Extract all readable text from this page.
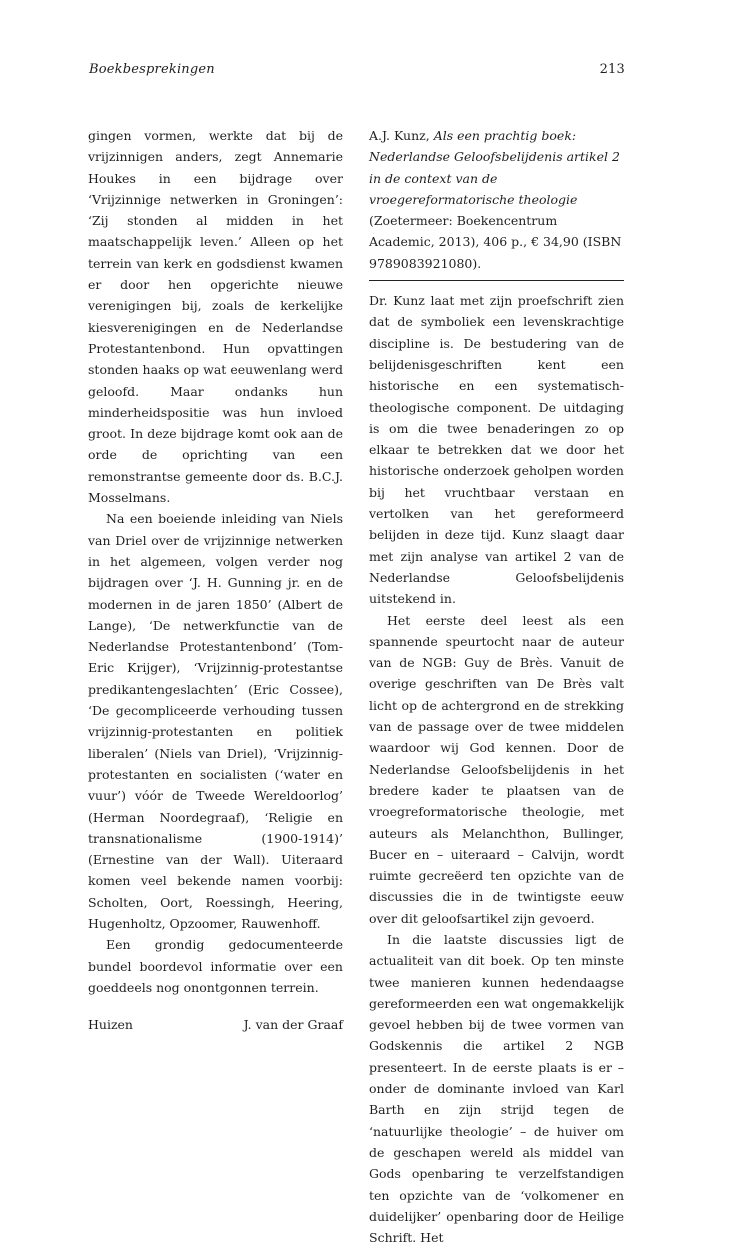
Boekbesprekingen	213

gingen vormen, werkte dat bij de vrijzinnigen anders, zegt Annemarie Houkes in een bijdrage over ‘Vrijzinnige netwerken in Groningen’: ‘Zij stonden al midden in het maatschappelijk leven.’ Alleen op het terrein van kerk en godsdienst kwamen er door hen opgerichte nieuwe verenigingen bij, zoals de kerkelijke kiesverenigingen en de Nederlandse Protestantenbond. Hun opvattingen stonden haaks op wat eeuwenlang werd geloofd. Maar ondanks hun minderheidspositie was hun invloed groot. In deze bijdrage komt ook aan de orde de oprichting van een remonstrantse gemeente door ds. B.C.J. Mosselmans.

Na een boeiende inleiding van Niels van Driel over de vrijzinnige netwerken in het algemeen, volgen verder nog bijdragen over ‘J. H. Gunning jr. en de modernen in de jaren 1850’ (Albert de Lange), ‘De netwerkfunctie van de Nederlandse Protestantenbond’ (Tom-Eric Krijger), ‘Vrijzinnig-protestantse predikantengeslachten’ (Eric Cossee), ‘De gecompliceerde verhouding tussen vrijzinnig-protestanten en politiek liberalen’ (Niels van Driel), ‘Vrijzinnig-protestanten en socialisten (‘water en vuur’) vóór de Tweede Wereldoorlog’ (Herman Noordegraaf), ‘Religie en transnationalisme (1900-1914)’ (Ernestine van der Wall). Uiteraard komen veel bekende namen voorbij: Scholten, Oort, Roessingh, Heering, Hugenholtz, Opzoomer, Rauwenhoff.

Een grondig gedocumenteerde bundel boordevol informatie over een goeddeels nog onontgonnen terrein.

Huizen	J. van der Graaf

A.J. Kunz, Als een prachtig boek: Nederlandse Geloofsbelijdenis artikel 2 in de context van de vroegereformatorische theologie (Zoetermeer: Boekencentrum Academic, 2013), 406 p., € 34,90 (ISBN 9789083921080).

Dr. Kunz laat met zijn proefschrift zien dat de symboliek een levenskrachtige discipline is. De bestudering van de belijdenisgeschriften kent een historische en een systematisch-theologische component. De uitdaging is om die twee benaderingen zo op elkaar te betrekken dat we door het historische onderzoek geholpen worden bij het vruchtbaar verstaan en vertolken van het gereformeerd belijden in deze tijd. Kunz slaagt daar met zijn analyse van artikel 2 van de Nederlandse Geloofsbelijdenis uitstekend in.

Het eerste deel leest als een spannende speurtocht naar de auteur van de NGB: Guy de Brès. Vanuit de overige geschriften van De Brès valt licht op de achtergrond en de strekking van de passage over de twee middelen waardoor wij God kennen. Door de Nederlandse Geloofsbelijdenis in het bredere kader te plaatsen van de vroegreformatorische theologie, met auteurs als Melanchthon, Bullinger, Bucer en – uiteraard – Calvijn, wordt ruimte gecreëerd ten opzichte van de discussies die in de twintigste eeuw over dit geloofsartikel zijn gevoerd.

In die laatste discussies ligt de actualiteit van dit boek. Op ten minste twee manieren kunnen hedendaagse gereformeerden een wat ongemakkelijk gevoel hebben bij de twee vormen van Godskennis die artikel 2 NGB presenteert. In de eerste plaats is er – onder de dominante invloed van Karl Barth en zijn strijd tegen de ‘natuurlijke theologie’ – de huiver om de geschapen wereld als middel van Gods openbaring te verzelfstandigen ten opzichte van de ‘volkomener en duidelijker’ openbaring door de Heilige Schrift. Het
